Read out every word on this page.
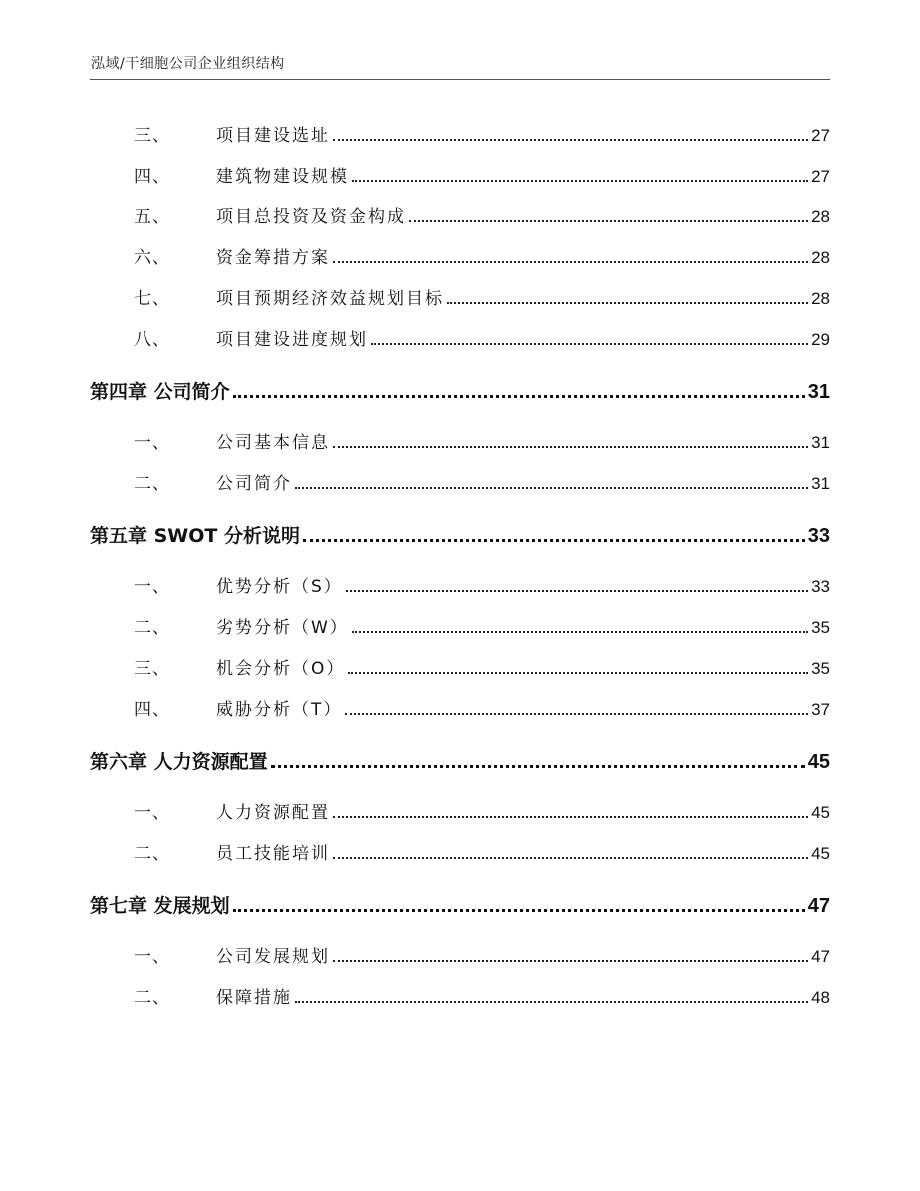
泓域/干细胞公司企业组织结构
三、	项目建设选址	27
四、	建筑物建设规模	27
五、	项目总投资及资金构成	28
六、	资金筹措方案	28
七、	项目预期经济效益规划目标	28
八、	项目建设进度规划	29
第四章 公司简介	31
一、	公司基本信息	31
二、	公司简介	31
第五章 SWOT 分析说明	33
一、	优势分析（S）	33
二、	劣势分析（W）	35
三、	机会分析（O）	35
四、	威胁分析（T）	37
第六章 人力资源配置	45
一、	人力资源配置	45
二、	员工技能培训	45
第七章 发展规划	47
一、	公司发展规划	47
二、	保障措施	48
